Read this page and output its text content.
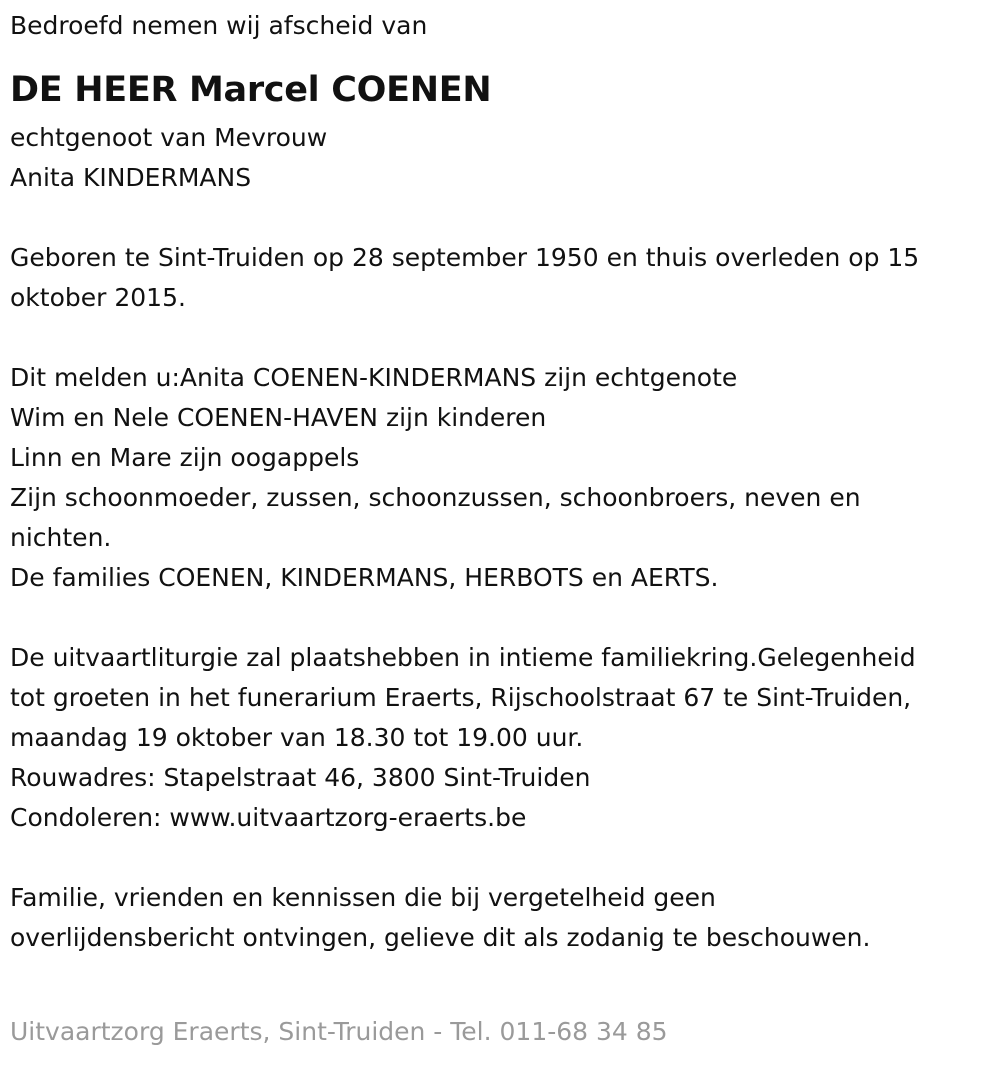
Bedroefd nemen wij afscheid van

DE HEER Marcel COENEN

echtgenoot van Mevrouw

Anita KINDERMANS

Geboren te Sint-Truiden op 28 september 1950 en thuis overleden op 15

oktober 2015.

Dit melden u:Anita COENEN-KINDERMANS zijn echtgenote

Wim en Nele COENEN-HAVEN zijn kinderen

Linn en Mare zijn oogappels

Zijn schoonmoeder, zussen, schoonzussen, schoonbroers, neven en

nichten.

De families COENEN, KINDERMANS, HERBOTS en AERTS.

De uitvaartliturgie zal plaatshebben in intieme familiekring.Gelegenheid

tot groeten in het funerarium Eraerts, Rijschoolstraat 67 te Sint-Truiden,

maandag 19 oktober van 18.30 tot 19.00 uur.

Rouwadres: Stapelstraat 46, 3800 Sint-Truiden

Condoleren: www.uitvaartzorg-eraerts.be

Familie, vrienden en kennissen die bij vergetelheid geen

overlijdensbericht ontvingen, gelieve dit als zodanig te beschouwen.

Uitvaartzorg Eraerts, Sint-Truiden - Tel. 011-68 34 85
